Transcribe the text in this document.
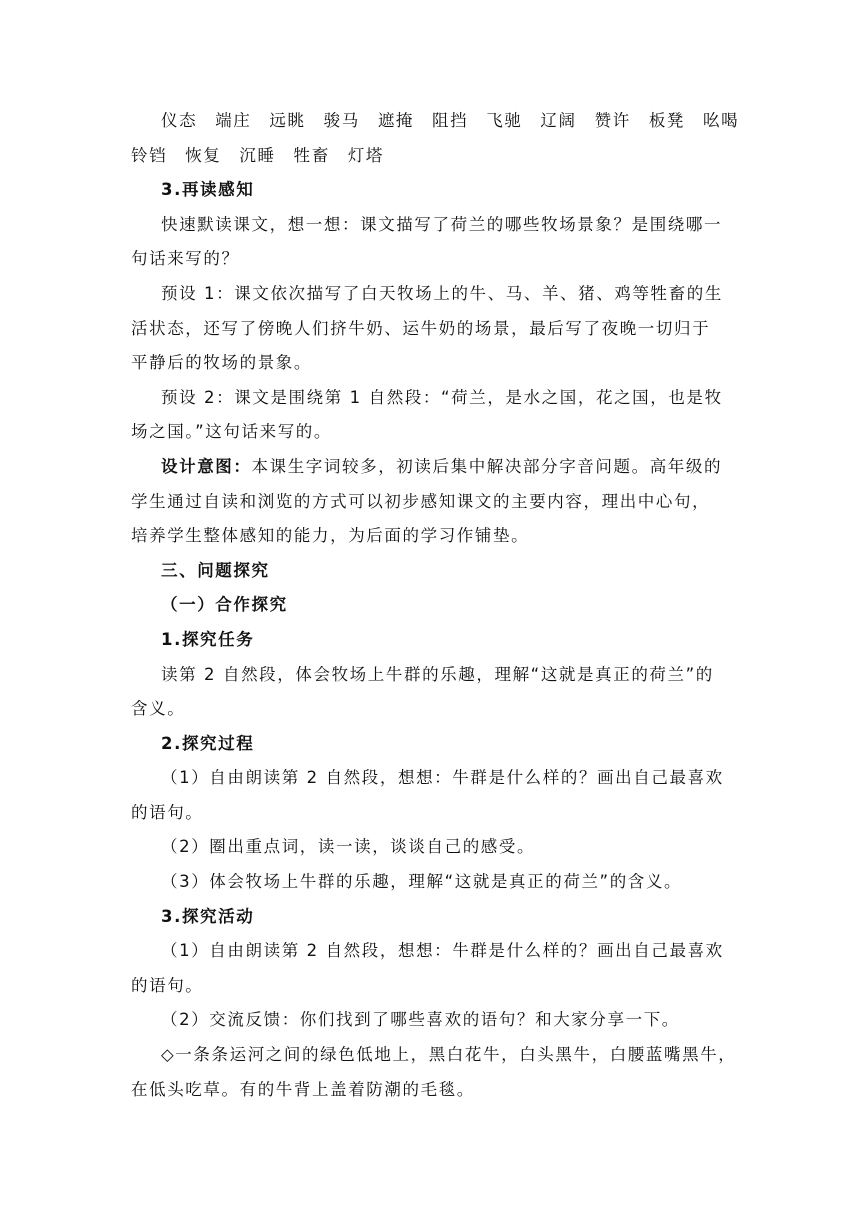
仪态 端庄 远眺 骏马 遮掩 阻挡 飞驰 辽阔 赞许 板凳 吆喝

铃铛 恢复 沉睡 牲畜 灯塔

3.再读感知

快速默读课文，想一想：课文描写了荷兰的哪些牧场景象？是围绕哪一

句话来写的？

预设 1：课文依次描写了白天牧场上的牛、马、羊、猪、鸡等牲畜的生

活状态，还写了傍晚人们挤牛奶、运牛奶的场景，最后写了夜晚一切归于

平静后的牧场的景象。

预设 2：课文是围绕第 1 自然段：“荷兰，是水之国，花之国，也是牧

场之国。”这句话来写的。

设计意图：本课生字词较多，初读后集中解决部分字音问题。高年级的

学生通过自读和浏览的方式可以初步感知课文的主要内容，理出中心句，

培养学生整体感知的能力，为后面的学习作铺垫。

三、问题探究

（一）合作探究

1.探究任务

读第 2 自然段，体会牧场上牛群的乐趣，理解“这就是真正的荷兰”的

含义。

2.探究过程

（1）自由朗读第 2 自然段，想想：牛群是什么样的？画出自己最喜欢

的语句。

（2）圈出重点词，读一读，谈谈自己的感受。

（3）体会牧场上牛群的乐趣，理解“这就是真正的荷兰”的含义。

3.探究活动

（1）自由朗读第 2 自然段，想想：牛群是什么样的？画出自己最喜欢

的语句。

（2）交流反馈：你们找到了哪些喜欢的语句？和大家分享一下。

◇一条条运河之间的绿色低地上，黑白花牛，白头黑牛，白腰蓝嘴黑牛，

在低头吃草。有的牛背上盖着防潮的毛毯。
